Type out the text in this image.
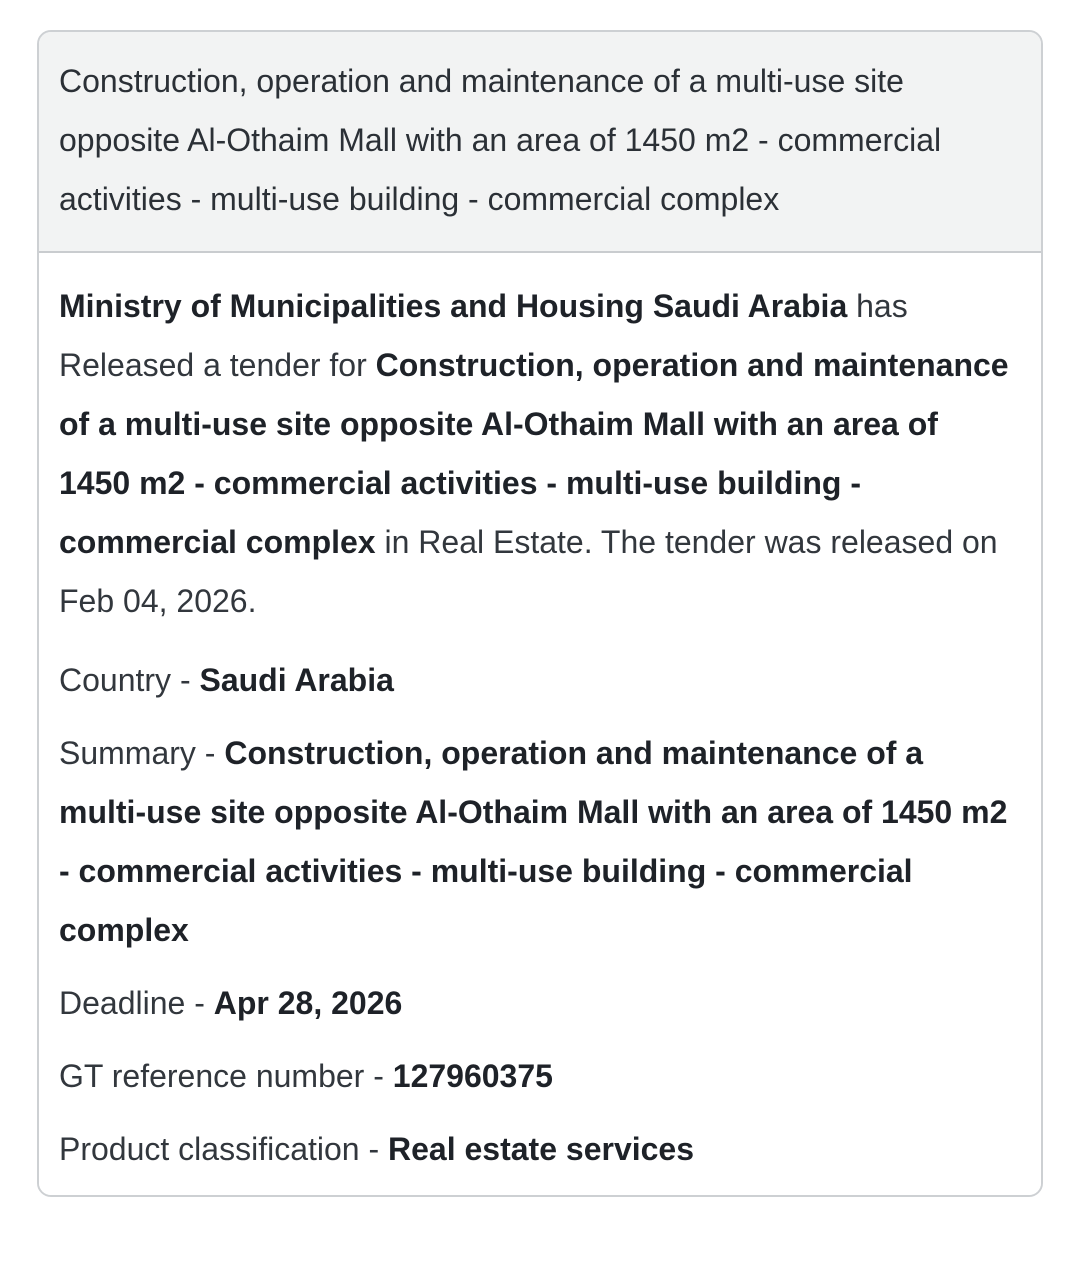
Construction, operation and maintenance of a multi-use site opposite Al-Othaim Mall with an area of 1450 m2 - commercial activities - multi-use building - commercial complex

Ministry of Municipalities and Housing Saudi Arabia has Released a tender for Construction, operation and maintenance of a multi-use site opposite Al-Othaim Mall with an area of 1450 m2 - commercial activities - multi-use building - commercial complex in Real Estate. The tender was released on Feb 04, 2026.

Country - Saudi Arabia

Summary - Construction, operation and maintenance of a multi-use site opposite Al-Othaim Mall with an area of 1450 m2 - commercial activities - multi-use building - commercial complex

Deadline - Apr 28, 2026

GT reference number - 127960375

Product classification - Real estate services
